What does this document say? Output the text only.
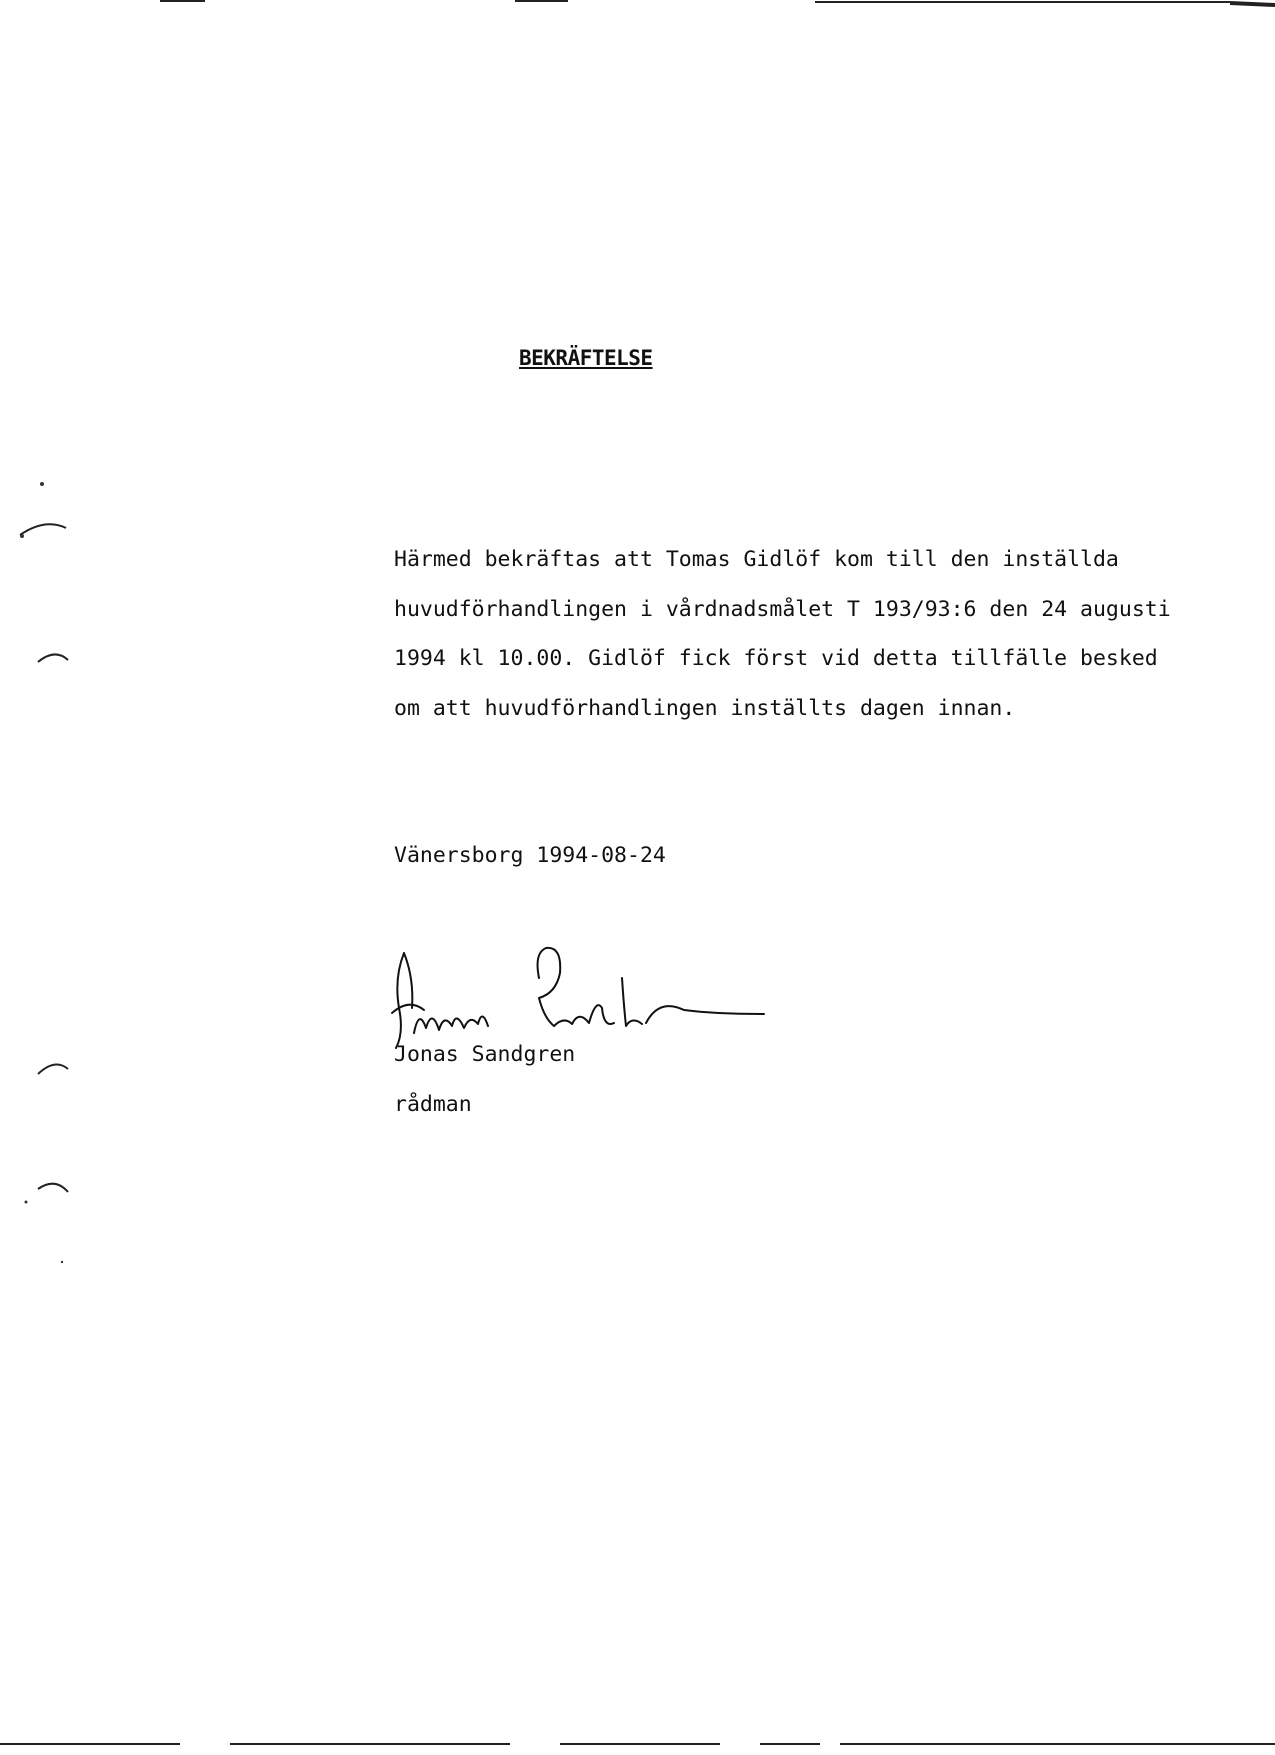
BEKRÄFTELSE
Härmed bekräftas att Tomas Gidlöf kom till den inställda
huvudförhandlingen i vårdnadsmålet T 193/93:6 den 24 augusti
1994 kl 10.00. Gidlöf fick först vid detta tillfälle besked
om att huvudförhandlingen inställts dagen innan.
Vänersborg 1994-08-24
Jonas Sandgren
rådman
